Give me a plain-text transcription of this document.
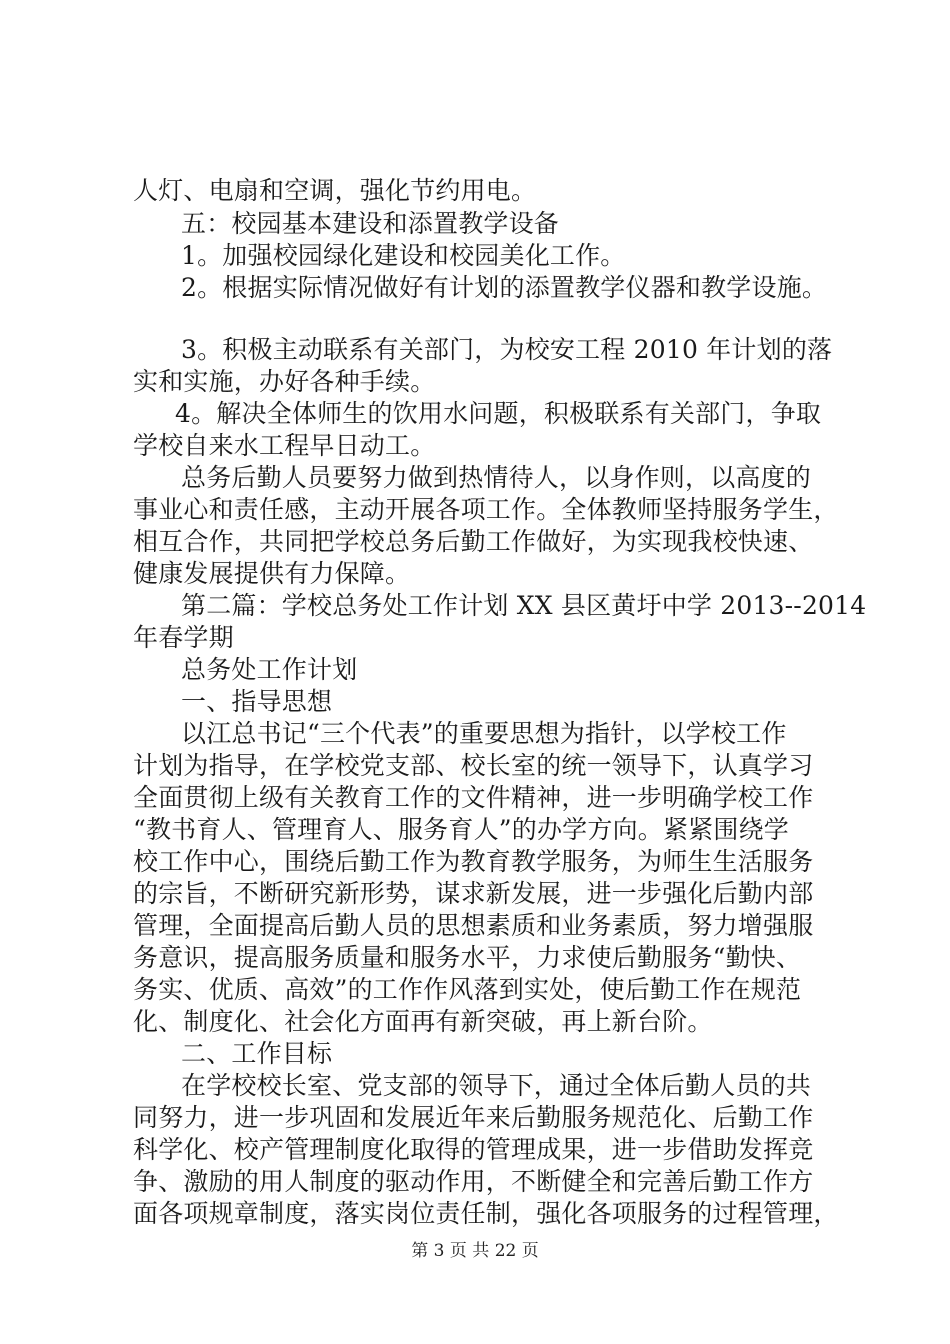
人灯、电扇和空调，强化节约用电。
五：校园基本建设和添置教学设备
1。加强校园绿化建设和校园美化工作。
2。根据实际情况做好有计划的添置教学仪器和教学设施。
3。积极主动联系有关部门，为校安工程 2010 年计划的落
实和实施，办好各种手续。
4。解决全体师生的饮用水问题，积极联系有关部门，争取
学校自来水工程早日动工。
总务后勤人员要努力做到热情待人，以身作则，以高度的
事业心和责任感，主动开展各项工作。全体教师坚持服务学生，
相互合作，共同把学校总务后勤工作做好，为实现我校快速、
健康发展提供有力保障。
第二篇：学校总务处工作计划 XX 县区黄圩中学 2013--2014
年春学期
总务处工作计划
一、指导思想
以江总书记“三个代表”的重要思想为指针，以学校工作
计划为指导，在学校党支部、校长室的统一领导下，认真学习
全面贯彻上级有关教育工作的文件精神，进一步明确学校工作
“教书育人、管理育人、服务育人”的办学方向。紧紧围绕学
校工作中心，围绕后勤工作为教育教学服务，为师生生活服务
的宗旨，不断研究新形势，谋求新发展，进一步强化后勤内部
管理，全面提高后勤人员的思想素质和业务素质，努力增强服
务意识，提高服务质量和服务水平，力求使后勤服务“勤快、
务实、优质、高效”的工作作风落到实处，使后勤工作在规范
化、制度化、社会化方面再有新突破，再上新台阶。
二、工作目标
在学校校长室、党支部的领导下，通过全体后勤人员的共
同努力，进一步巩固和发展近年来后勤服务规范化、后勤工作
科学化、校产管理制度化取得的管理成果，进一步借助发挥竞
争、激励的用人制度的驱动作用，不断健全和完善后勤工作方
面各项规章制度，落实岗位责任制，强化各项服务的过程管理，
第 3 页 共 22 页
